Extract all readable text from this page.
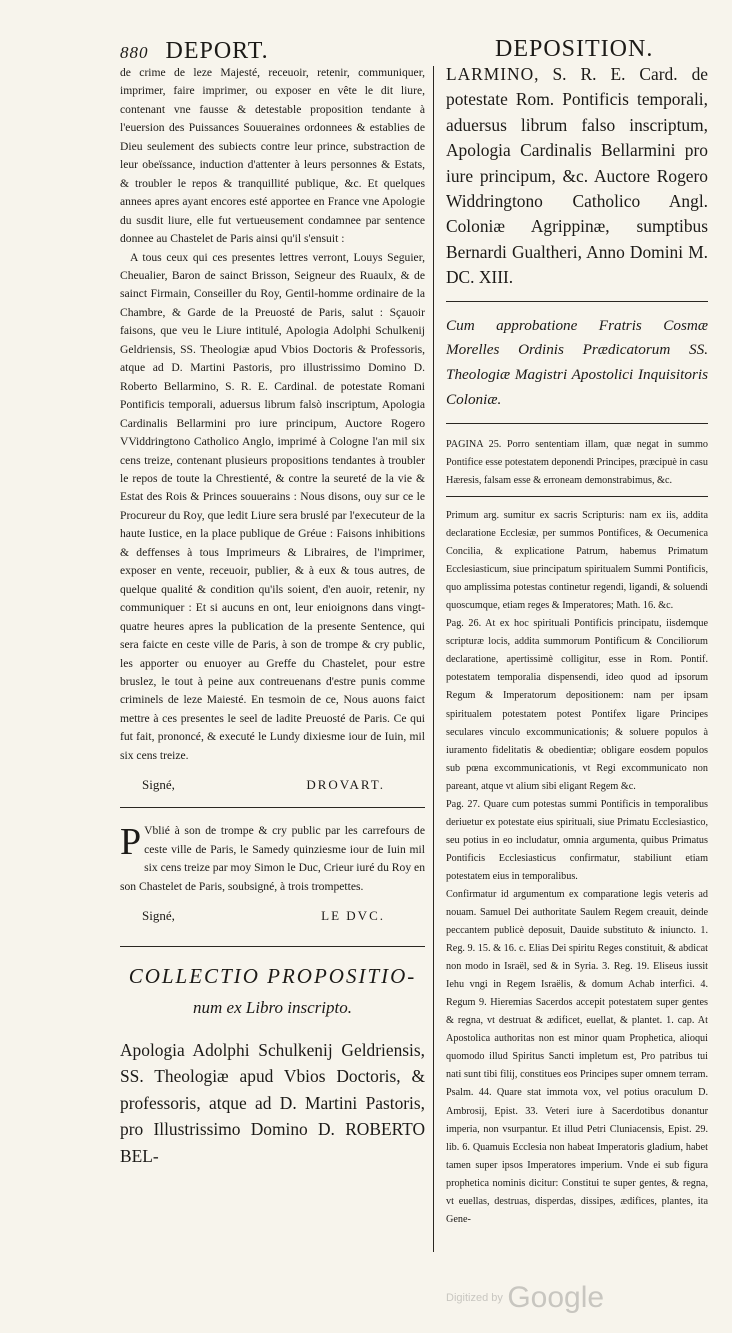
880 DEPORT.	DEPOSITION.

de crime de leze Majesté, receuoir, retenir, communiquer, imprimer, faire imprimer, ou exposer en vête le dit liure, contenant vne fausse & detestable proposition tendante à l'euersion des Puissances Souueraines ordonnees & establies de Dieu seulement des subiects contre leur prince, substraction de leur obeïssance, induction d'attenter à leurs personnes & Estats, & troubler le repos & tranquillité publique, &c. Et quelques annees apres ayant encores esté apportee en France vne Apologie du susdit liure, elle fut vertueusement condamnee par sentence donnee au Chastelet de Paris ainsi qu'il s'ensuit :

A tous ceux qui ces presentes lettres verront, Louys Seguier, Cheualier, Baron de sainct Brisson, Seigneur des Ruaulx, & de sainct Firmain, Conseiller du Roy, Gentil-homme ordinaire de la Chambre, & Garde de la Preuosté de Paris, salut : Sçauoir faisons, que veu le Liure intitulé, Apologia Adolphi Schulkenij Geldriensis, SS. Theologiæ apud Vbios Doctoris & Professoris, atque ad D. Martini Pastoris, pro illustrissimo Domino D. Roberto Bellarmino, S. R. E. Cardinal. de potestate Romani Pontificis temporali, aduersus librum falsò inscriptum, Apologia Cardinalis Bellarmini pro iure principum, Auctore Rogero VViddringtono Catholico Anglo, imprimé à Cologne l'an mil six cens treize, contenant plusieurs propositions tendantes à troubler le repos de toute la Chrestienté, & contre la seureté de la vie & Estat des Rois & Princes souuerains : Nous disons, ouy sur ce le Procureur du Roy, que ledit Liure sera bruslé par l'executeur de la haute Iustice, en la place publique de Gréue : Faisons inhibitions & deffenses à tous Imprimeurs & Libraires, de l'imprimer, exposer en vente, receuoir, publier, & à eux & tous autres, de quelque qualité & condition qu'ils soient, d'en auoir, retenir, ny communiquer : Et si aucuns en ont, leur enioignons dans vingt-quatre heures apres la publication de la presente Sentence, qui sera faicte en ceste ville de Paris, à son de trompe & cry public, les apporter ou enuoyer au Greffe du Chastelet, pour estre bruslez, le tout à peine aux contreuenans d'estre punis comme criminels de leze Maiesté. En tesmoin de ce, Nous auons faict mettre à ces presentes le seel de ladite Preuosté de Paris. Ce qui fut fait, prononcé, & executé le Lundy dixiesme iour de Iuin, mil six cens treize.

Signé,	DROVART.

P Vblié à son de trompe & cry public par les carrefours de ceste ville de Paris, le Samedy quinziesme iour de Iuin mil six cens treize par moy Simon le Duc, Crieur iuré du Roy en son Chastelet de Paris, soubsigné, à trois trompettes.

Signé,	LE DVC.
COLLECTIO PROPOSITIO-
num ex Libro inscripto.

Apologia Adolphi Schulkenij Geldriensis, SS. Theologiæ apud Vbios Doctoris, & professoris, atque ad D. Martini Pastoris, pro Illustrissimo Domino D. ROBERTO BEL-

LARMINO, S. R. E. Card. de potestate Rom. Pontificis temporali, aduersus librum falso inscriptum, Apologia Cardinalis Bellarmini pro iure principum, &c. Auctore Rogero Widdringtono Catholico Angl. Coloniæ Agrippinæ, sumptibus Bernardi Gualtheri, Anno Domini M. DC. XIII.

Cum approbatione Fratris Cosmæ Morelles Ordinis Prædicatorum SS. Theologiæ Magistri Apostolici Inquisitoris Coloniæ.

PAGINA 25. Porro sententiam illam, quæ negat in summo Pontifice esse potestatem deponendi Principes, præcipuè in casu Hæresis, falsam esse & erroneam demonstrabimus, &c.

Primum arg. sumitur ex sacris Scripturis: nam ex iis, addita declaratione Ecclesiæ, per summos Pontifices, & Oecumenica Concilia, & explicatione Patrum, habemus Primatum Ecclesiasticum, siue principatum spiritualem Summi Pontificis, quo amplissima potestas continetur regendi, ligandi, & soluendi quoscumque, etiam reges & Imperatores; Math. 16. &c.

Pag. 26. At ex hoc spirituali Pontificis principatu, iisdemque scripturæ locis, addita summorum Pontificum & Conciliorum declaratione, apertissimè colligitur, esse in Rom. Pontif. potestatem temporalia dispensendi, ideo quod ad ipsorum Regum & Imperatorum depositionem: nam per ipsam spiritualem potestatem potest Pontifex ligare Principes seculares vinculo excommunicationis; & soluere populos à iuramento fidelitatis & obedientiæ; obligare eosdem populos sub pœna excommunicationis, vt Regi excommunicato non pareant, atque vt alium sibi eligant Regem &c.

Pag. 27. Quare cum potestas summi Pontificis in temporalibus deriuetur ex potestate eius spirituali, siue Primatu Ecclesiastico, seu potius in eo includatur, omnia argumenta, quibus Primatus Pontificis Ecclesiasticus confirmatur, stabiliunt etiam potestatem eius in temporalibus.

Confirmatur id argumentum ex comparatione legis veteris ad nouam. Samuel Dei authoritate Saulem Regem creauit, deinde peccantem publicè deposuit, Dauide substituto & iniuncto. 1. Reg. 9. 15. & 16. c. Elias Dei spiritu Reges constituit, & abdicat non modo in Israël, sed & in Syria. 3. Reg. 19. Eliseus iussit Iehu vngi in Regem Israëlis, & domum Achab interfici. 4. Regum 9. Hieremias Sacerdos accepit potestatem super gentes & regna, vt destruat & ædificet, euellat, & plantet. 1. cap. At Apostolica authoritas non est minor quam Prophetica, alioqui quomodo illud Spiritus Sancti impletum est, Pro patribus tui nati sunt tibi filij, constitues eos Principes super omnem terram. Psalm. 44. Quare stat immota vox, vel potius oraculum D. Ambrosij, Epist. 33. Veteri iure à Sacerdotibus donantur imperia, non vsurpantur. Et illud Petri Cluniacensis, Epist. 29. lib. 6. Quamuis Ecclesia non habeat Imperatoris gladium, habet tamen super ipsos Imperatores imperium. Vnde ei sub figura prophetica nominis dicitur: Constitui te super gentes, & regna, vt euellas, destruas, disperdas, dissipes, ædifices, plantes, ita Gene-

Digitized by Google
